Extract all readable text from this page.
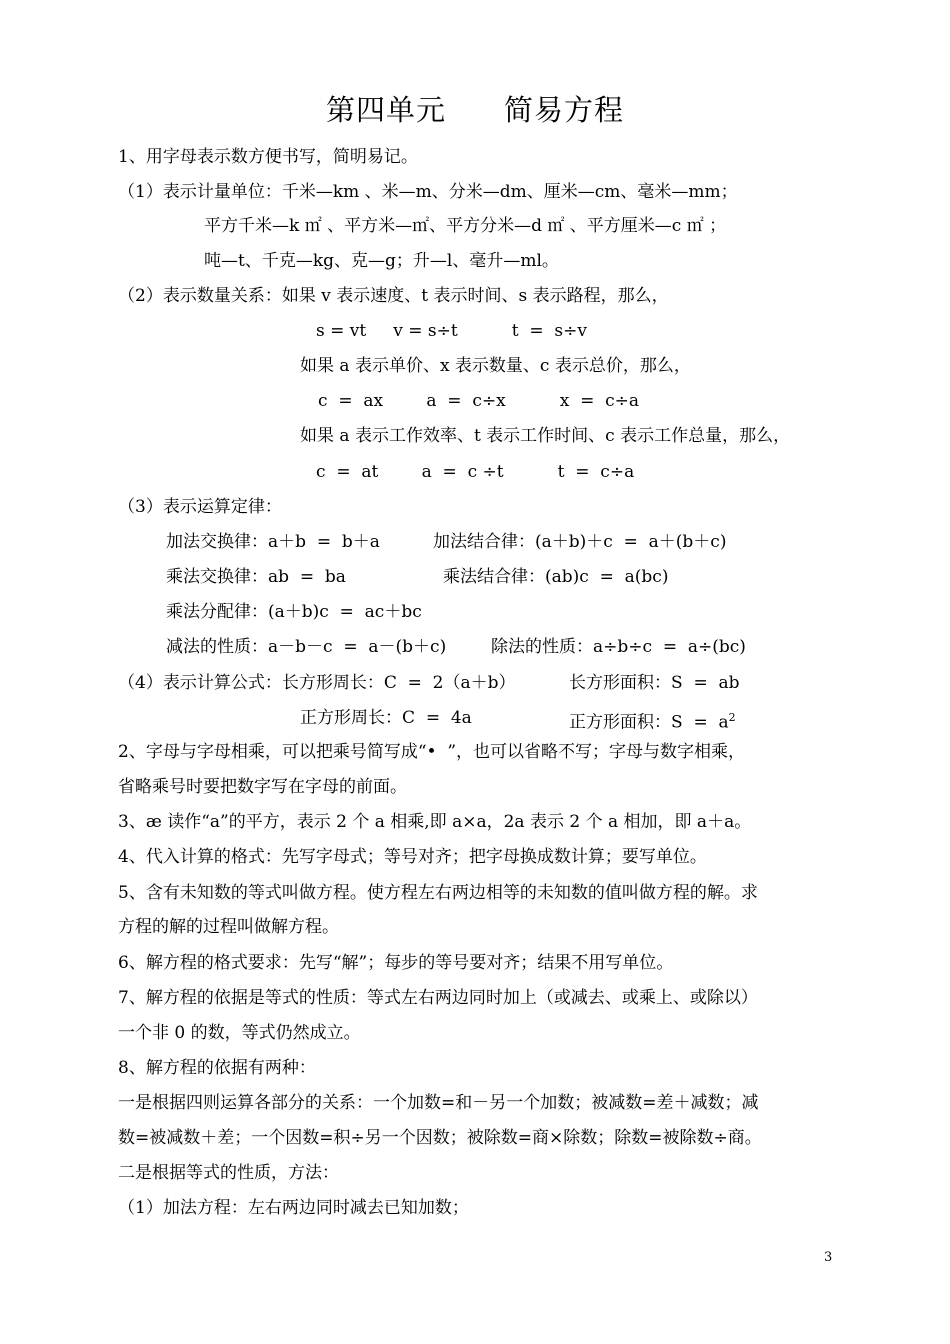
第四单元 简易方程
1、用字母表示数方便书写，简明易记。
（1）表示计量单位：千米—km 、米—m、分米—dm、厘米—cm、毫米—mm；
平方千米—k ㎡ 、平方米—㎡、平方分米—d ㎡ 、平方厘米—c ㎡ ；
吨—t、千克—kg、克—g；升—l、毫升—ml。
（2）表示数量关系：如果 v 表示速度、t 表示时间、s 表示路程，那么，
s = vt     v = s÷t          t  =  s÷v
如果 a 表示单价、x 表示数量、c 表示总价，那么，
c  =  ax        a  =  c÷x          x  =  c÷a
如果 a 表示工作效率、t 表示工作时间、c 表示工作总量，那么，
c  =  at        a  =  c ÷t          t  =  c÷a
（3）表示运算定律：
加法交换律：a＋b  =  b＋a	加法结合律：(a＋b)＋c  =  a＋(b＋c)
乘法交换律：ab  =  ba	乘法结合律：(ab)c  =  a(bc)
乘法分配律：(a＋b)c  =  ac＋bc
减法的性质：a－b－c  =  a－(b＋c)	除法的性质：a÷b÷c  =  a÷(bc)
（4）表示计算公式：长方形周长：C  =  2（a＋b）	长方形面积：S  =  ab
正方形周长：C  =  4a	正方形面积：$S = a^2$
2、字母与字母相乘，可以把乘号简写成“•  ”，也可以省略不写；字母与数字相乘，
省略乘号时要把数字写在字母的前面。
3、æ 读作“a”的平方，表示 2 个 a 相乘,即 a×a，2a 表示 2 个 a 相加，即 a＋a。
4、代入计算的格式：先写字母式；等号对齐；把字母换成数计算；要写单位。
5、含有未知数的等式叫做方程。使方程左右两边相等的未知数的值叫做方程的解。求
方程的解的过程叫做解方程。
6、解方程的格式要求：先写“解”；每步的等号要对齐；结果不用写单位。
7、解方程的依据是等式的性质：等式左右两边同时加上（或减去、或乘上、或除以）
一个非 0 的数，等式仍然成立。
8、解方程的依据有两种：
一是根据四则运算各部分的关系：一个加数=和－另一个加数；被减数=差＋减数；减
数=被减数＋差；一个因数=积÷另一个因数；被除数=商×除数；除数=被除数÷商。
二是根据等式的性质，方法：
（1）加法方程：左右两边同时减去已知加数；
3
